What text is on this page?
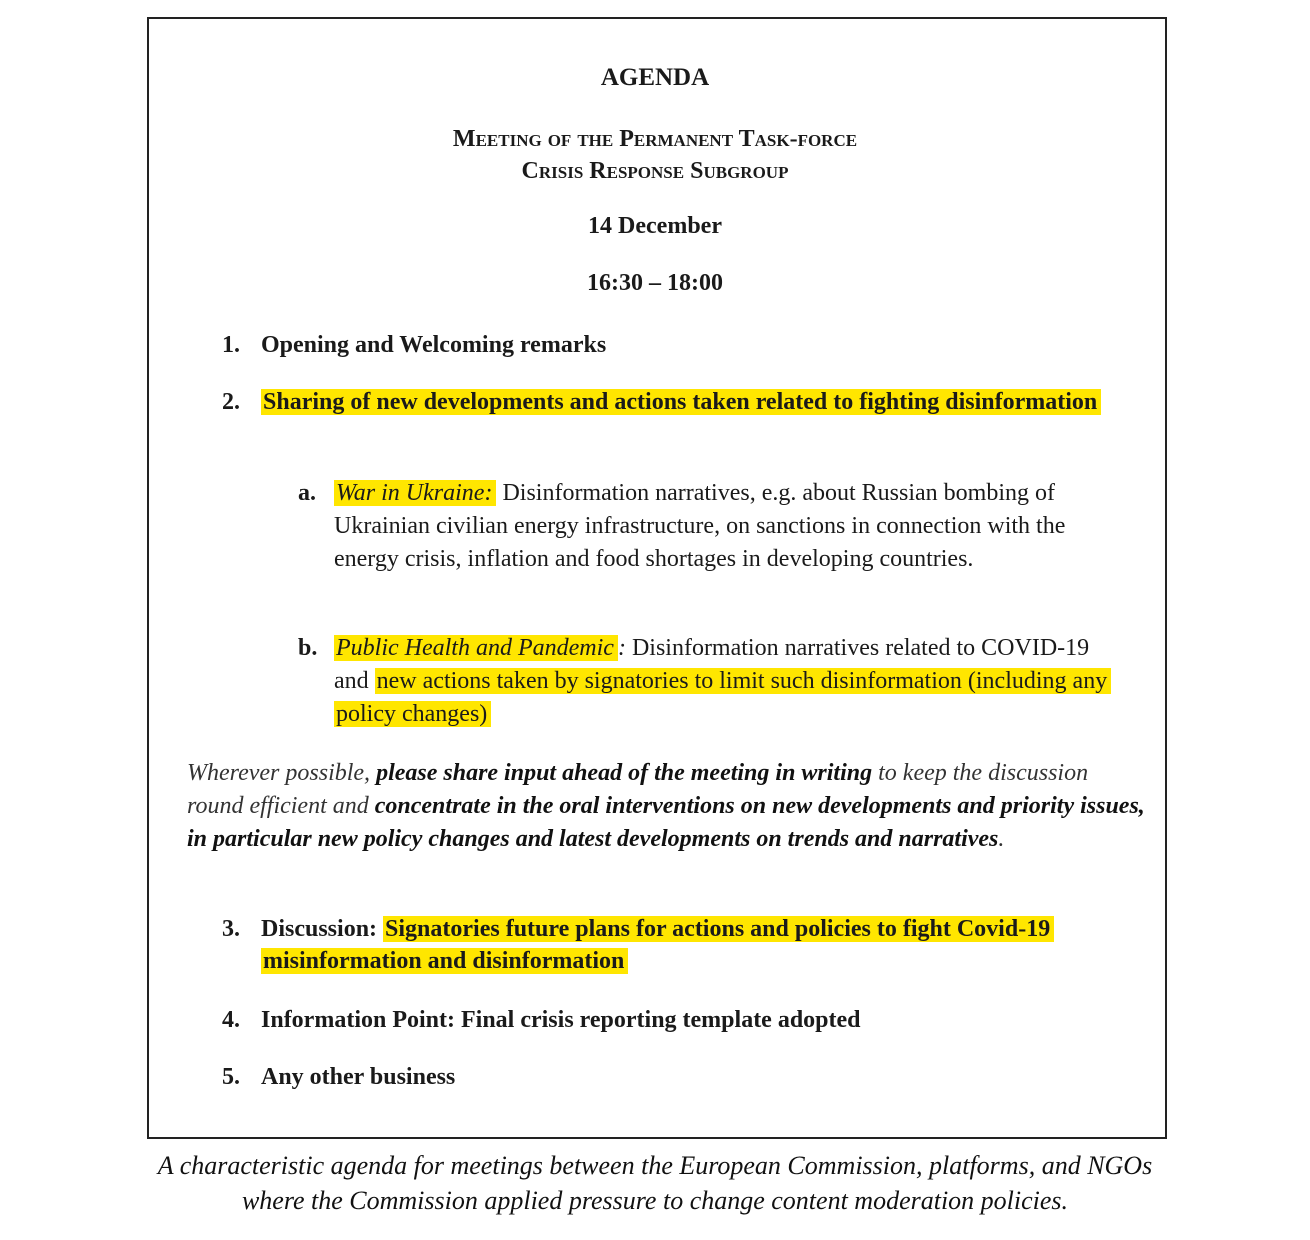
AGENDA
Meeting of the Permanent Task-force
Crisis Response Subgroup
14 December
16:30 – 18:00
1. Opening and Welcoming remarks
2. Sharing of new developments and actions taken related to fighting disinformation
a. War in Ukraine: Disinformation narratives, e.g. about Russian bombing of Ukrainian civilian energy infrastructure, on sanctions in connection with the energy crisis, inflation and food shortages in developing countries.
b. Public Health and Pandemic : Disinformation narratives related to COVID-19 and new actions taken by signatories to limit such disinformation (including any policy changes)
Wherever possible, please share input ahead of the meeting in writing to keep the discussion round efficient and concentrate in the oral interventions on new developments and priority issues, in particular new policy changes and latest developments on trends and narratives.
3. Discussion: Signatories future plans for actions and policies to fight Covid-19 misinformation and disinformation
4. Information Point: Final crisis reporting template adopted
5. Any other business
A characteristic agenda for meetings between the European Commission, platforms, and NGOs
where the Commission applied pressure to change content moderation policies.
